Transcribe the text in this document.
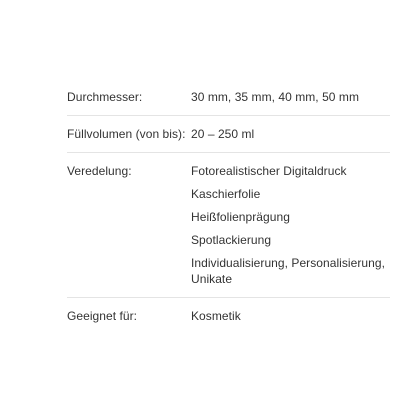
Durchmesser:	30 mm, 35 mm, 40 mm, 50 mm

Füllvolumen (von bis):	20 – 250 ml

Veredelung:	Fotorealistischer Digitaldruck
Kaschierfolie
Heißfolienprägung
Spotlackierung
Individualisierung, Personalisierung, Unikate

Geeignet für:	Kosmetik
